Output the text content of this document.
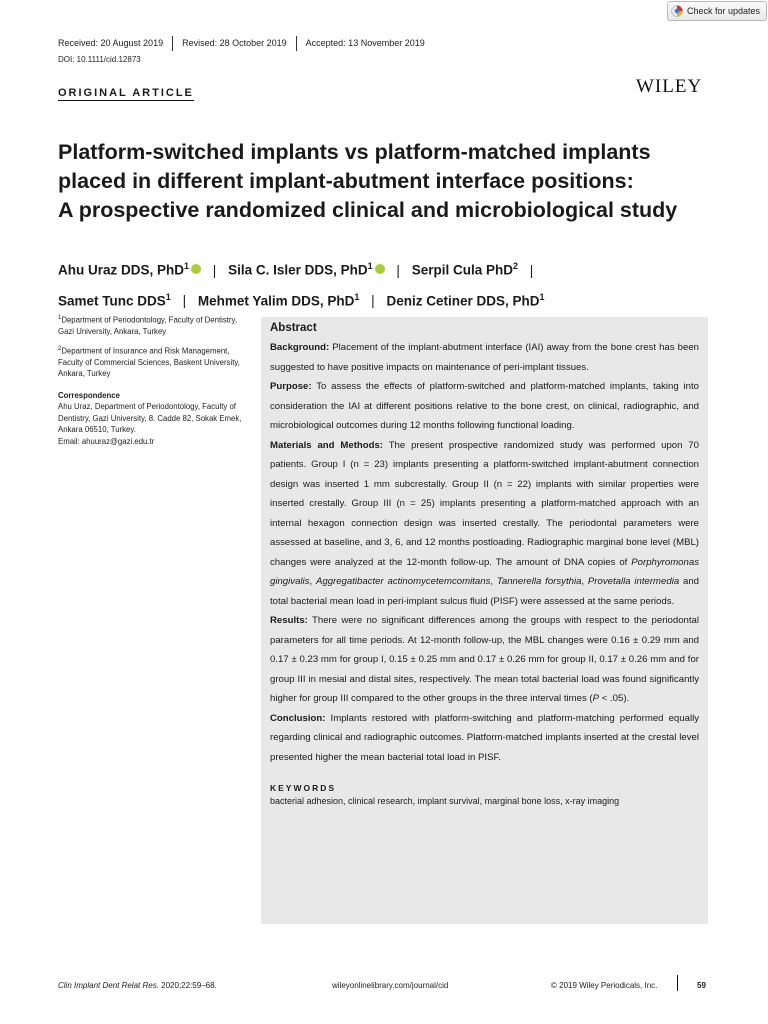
Check for updates
Received: 20 August 2019	Revised: 28 October 2019	Accepted: 13 November 2019
DOI: 10.1111/cid.12873
ORIGINAL ARTICLE	WILEY
Platform-switched implants vs platform-matched implants
placed in different implant-abutment interface positions:
A prospective randomized clinical and microbiological study
Ahu Uraz DDS, PhD$^1$ | Sila C. Isler DDS, PhD$^1$ | Serpil Cula PhD$^2$ |
Samet Tunc DDS$^1$ | Mehmet Yalim DDS, PhD$^1$ | Deniz Cetiner DDS, PhD$^1$

$^1$Department of Periodontology, Faculty of Dentistry, Gazi University, Ankara, Turkey

$^2$Department of Insurance and Risk Management, Faculty of Commercial Sciences, Baskent University, Ankara, Turkey

Correspondence
Ahu Uraz, Department of Periodontology, Faculty of Dentistry, Gazi University, 8. Cadde 82, Sokak Emek, Ankara 06510, Turkey.
Email: ahuuraz@gazi.edu.tr
Abstract

Background: Placement of the implant-abutment interface (IAI) away from the bone crest has been suggested to have positive impacts on maintenance of peri-implant tissues.

Purpose: To assess the effects of platform-switched and platform-matched implants, taking into consideration the IAI at different positions relative to the bone crest, on clinical, radiographic, and microbiological outcomes during 12 months following functional loading.

Materials and Methods: The present prospective randomized study was performed upon 70 patients. Group I (n = 23) implants presenting a platform-switched implant-abutment connection design was inserted 1 mm subcrestally. Group II (n = 22) implants with similar properties were inserted crestally. Group III (n = 25) implants presenting a platform-matched approach with an internal hexagon connection design was inserted crestally. The periodontal parameters were assessed at baseline, and 3, 6, and 12 months postloading. Radiographic marginal bone level (MBL) changes were analyzed at the 12-month follow-up. The amount of DNA copies of Porphyromonas gingivalis, Aggregatibacter actinomycetemcomitans, Tannerella forsythia, Provetalla intermedia and total bacterial mean load in peri-implant sulcus fluid (PISF) were assessed at the same periods.

Results: There were no significant differences among the groups with respect to the periodontal parameters for all time periods. At 12-month follow-up, the MBL changes were 0.16 ± 0.29 mm and 0.17 ± 0.23 mm for group I, 0.15 ± 0.25 mm and 0.17 ± 0.26 mm for group II, 0.17 ± 0.26 mm and for group III in mesial and distal sites, respectively. The mean total bacterial load was found significantly higher for group III compared to the other groups in the three interval times (P < .05).

Conclusion: Implants restored with platform-switching and platform-matching performed equally regarding clinical and radiographic outcomes. Platform-matched implants inserted at the crestal level presented higher the mean bacterial total load in PISF.

KEYWORDS
bacterial adhesion, clinical research, implant survival, marginal bone loss, x-ray imaging
Clin Implant Dent Relat Res. 2020;22:59–68.	wileyonlinelibrary.com/journal/cid	© 2019 Wiley Periodicals, Inc.	59
